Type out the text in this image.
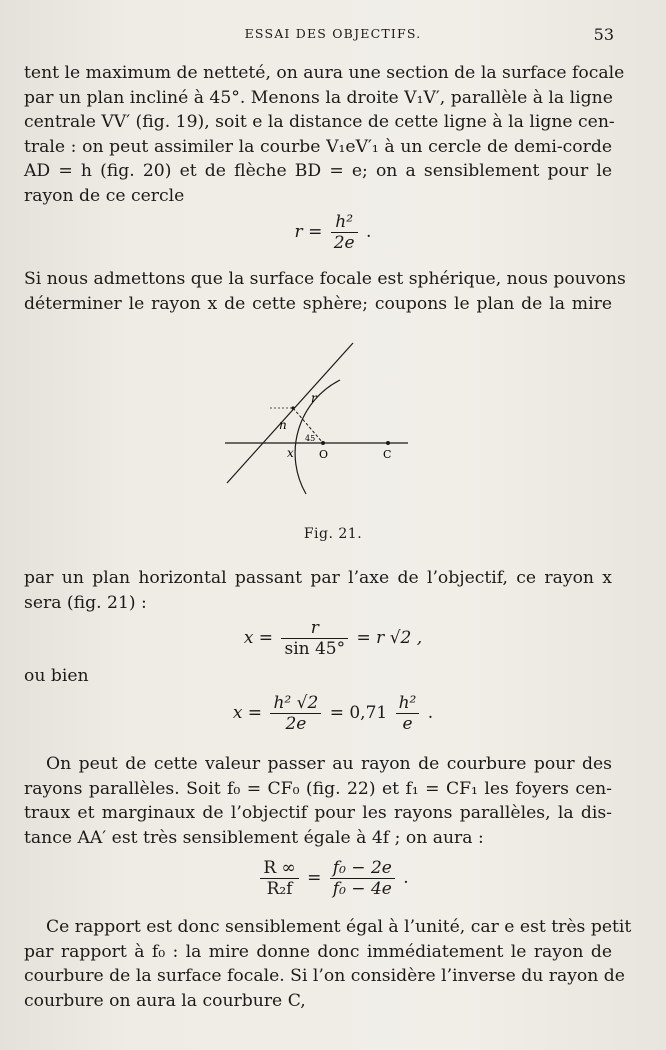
ESSAI DES OBJECTIFS.	53
tent le maximum de netteté, on aura une section de la surface focale
par un plan incliné à 45°. Menons la droite V₁V′, parallèle à la ligne
centrale VV′ (fig. 19), soit e la distance de cette ligne à la ligne cen-
trale : on peut assimiler la courbe V₁eV′₁ à un cercle de demi-corde
AD = h (fig. 20) et de flèche BD = e; on a sensiblement pour le
rayon de ce cercle
$r = \frac{\text{h²}}{2e}$ .
Si nous admettons que la surface focale est sphérique, nous pouvons
déterminer le rayon x de cette sphère; coupons le plan de la mire
r
n
45
x O	C
Fig. 21.
par un plan horizontal passant par l’axe de l’objectif, ce rayon x
sera (fig. 21) :
$x = \frac{r}{\sin 45^\circ} = r$ √2 ,
ou bien
$x = \frac{\text{h² √2}}{2e} = 0,71 \frac{\text{h²}}{e}$ .
On peut de cette valeur passer au rayon de courbure pour des
rayons parallèles. Soit f₀ = CF₀ (fig. 22) et f₁ = CF₁ les foyers cen-
traux et marginaux de l’objectif pour les rayons parallèles, la dis-
tance AA′ est très sensiblement égale à 4f ; on aura :
$\frac{R \infty}{\text{R₂f}} = \frac{\text{f₀ − 2e}}{\text{f₀ − 4e}}$ .
Ce rapport est donc sensiblement égal à l’unité, car e est très petit
par rapport à f₀ : la mire donne donc immédiatement le rayon de
courbure de la surface focale. Si l’on considère l’inverse du rayon de
courbure on aura la courbure C,
